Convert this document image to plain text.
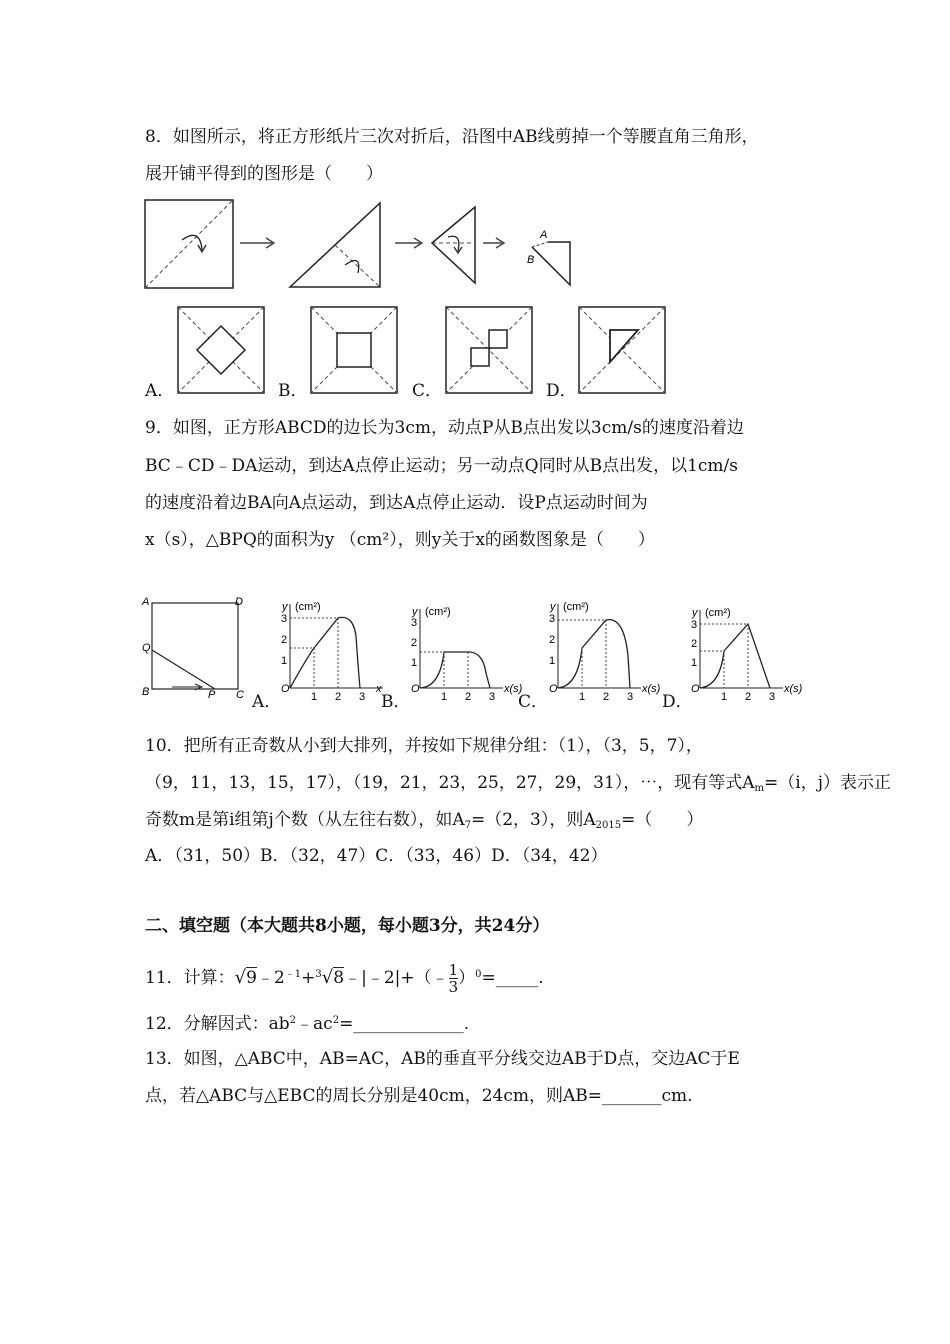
8．如图所示，将正方形纸片三次对折后，沿图中AB线剪掉一个等腰直角三角形，
展开铺平得到的图形是（　　）
A
B
A．	B．	C．	D．
9．如图，正方形ABCD的边长为3cm，动点P从B点出发以3cm/s的速度沿着边
BC﹣CD﹣DA运动，到达A点停止运动；另一动点Q同时从B点出发，以1cm/s
的速度沿着边BA向A点运动，到达A点停止运动．设P点运动时间为
x（s），△BPQ的面积为y （cm²），则y关于x的函数图象是（　　）
A	D
Q
B	P C A．
y (cm²)
x
O
1 2 3
1
2
3
B．
y (cm²)
x(s)
O
1 2 3
1
2
3
C．
y (cm²)
x(s)
O
1 2 3
1
2
3
D．
y (cm²)
x(s)
O
1 2 3
1
2
3
10．把所有正奇数从小到大排列，并按如下规律分组：（1），（3，5，7），
（9，11，13，15，17），（19，21，23，25，27，29，31），⋯，现有等式$A_m=(i$，j）表示正
奇数m是第i组第j个数（从左往右数），如$A_7=(2$，3），则$A_{2015}=$（　　）
A．（31，50）B．（32，47）C．（33，46）D．（34，42）
二、填空题（本大题共8小题，每小题3分，共24分）
11．计算：$√9﹣2^{﹣1}+^3√8﹣|﹣2|+(﹣ \frac{1}{3}$ ）$^0$=_____.
12．分解因式：$ab^2﹣ac^2=\_\_\_\_\_\_\_\_\_\_\_\_\_$.
13．如图，△ABC中，AB=AC，AB的垂直平分线交边AB于D点，交边AC于E
点，若△ABC与△EBC的周长分别是40cm，24cm，则AB=_______cm.
